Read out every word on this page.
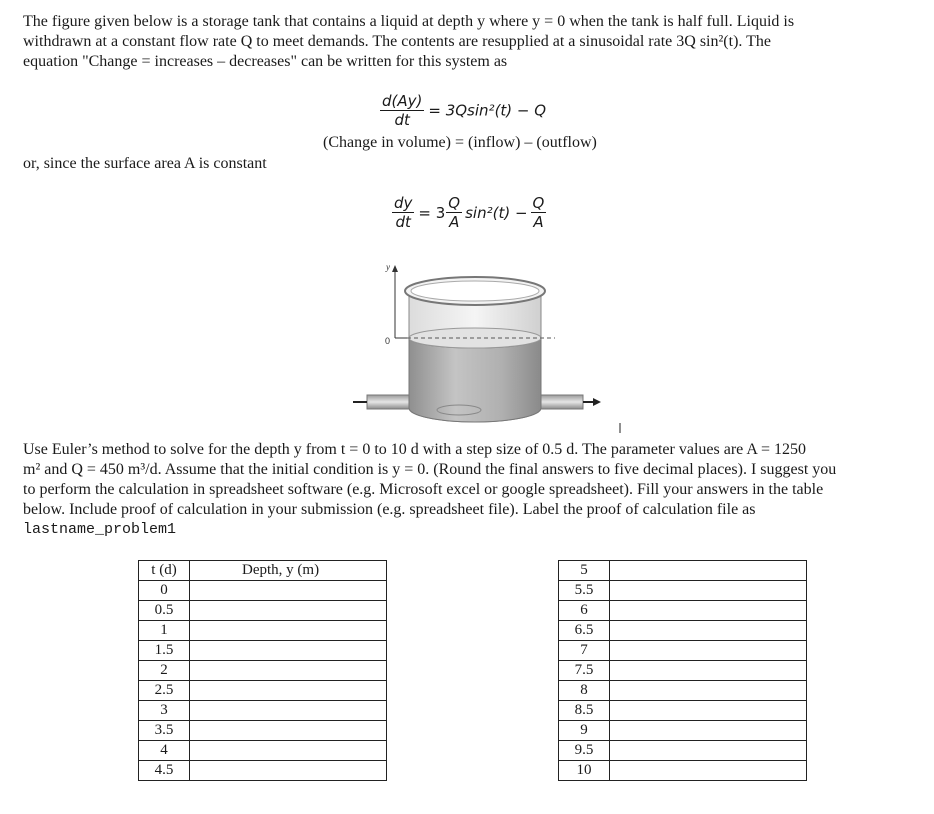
The figure given below is a storage tank that contains a liquid at depth y where y = 0 when the tank is half full. Liquid is

withdrawn at a constant flow rate Q to meet demands. The contents are resupplied at a sinusoidal rate 3Q sin²(t). The

equation "Change = increases – decreases" can be written for this system as

$\frac{d(Ay)}{dt} = 3Qsin^2(t) - Q$
(Change in volume) = (inflow) – (outflow)
or, since the surface area A is constant
$\frac{dy}{dt} = 3 \frac{Q}{A} \sin^2(t) - \frac{Q}{A}$
y
0

Use Euler’s method to solve for the depth y from t = 0 to 10 d with a step size of 0.5 d. The parameter values are A = 1250

m² and Q = 450 m³/d. Assume that the initial condition is y = 0. (Round the final answers to five decimal places). I suggest you

to perform the calculation in spreadsheet software (e.g. Microsoft excel or google spreadsheet). Fill your answers in the table

below. Include proof of calculation in your submission (e.g. spreadsheet file). Label the proof of calculation file as

lastname_problem1

t (d)	Depth, y (m)
0	
0.5	
1	
1.5	
2	
2.5	
3	
3.5	
4	
4.5	
5	
5.5	
6	
6.5	
7	
7.5	
8	
8.5	
9	
9.5	
10	
